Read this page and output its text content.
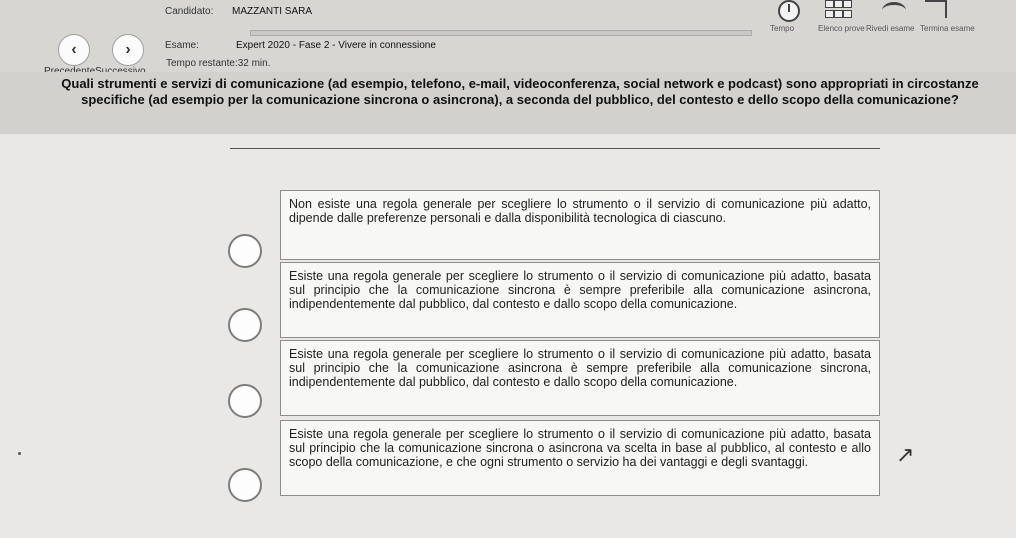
‹	›
Candidato: MAZZANTI SARA
Esame:	Expert 2020 - Fase 2 - Vivere in connessione
Tempo restante:32 min.
Tempo	Elenco prove Rivedi esame Termina esame
Quali strumenti e servizi di comunicazione (ad esempio, telefono, e-mail, videoconferenza, social network e podcast) sono appropriati in circostanze specifiche (ad esempio per la comunicazione sincrona o asincrona), a seconda del pubblico, del contesto e dello scopo della comunicazione?
Non esiste una regola generale per scegliere lo strumento o il servizio di comunicazione più adatto, dipende dalle preferenze personali e dalla disponibilità tecnologica di ciascuno.
Esiste una regola generale per scegliere lo strumento o il servizio di comunicazione più adatto, basata sul principio che la comunicazione sincrona è sempre preferibile alla comunicazione asincrona, indipendentemente dal pubblico, dal contesto e dallo scopo della comunicazione.
Esiste una regola generale per scegliere lo strumento o il servizio di comunicazione più adatto, basata sul principio che la comunicazione asincrona è sempre preferibile alla comunicazione sincrona, indipendentemente dal pubblico, dal contesto e dallo scopo della comunicazione.
Esiste una regola generale per scegliere lo strumento o il servizio di comunicazione più adatto, basata sul principio che la comunicazione sincrona o asincrona va scelta in base al pubblico, al contesto e allo scopo della comunicazione, e che ogni strumento o servizio ha dei vantaggi e degli svantaggi.	↗
